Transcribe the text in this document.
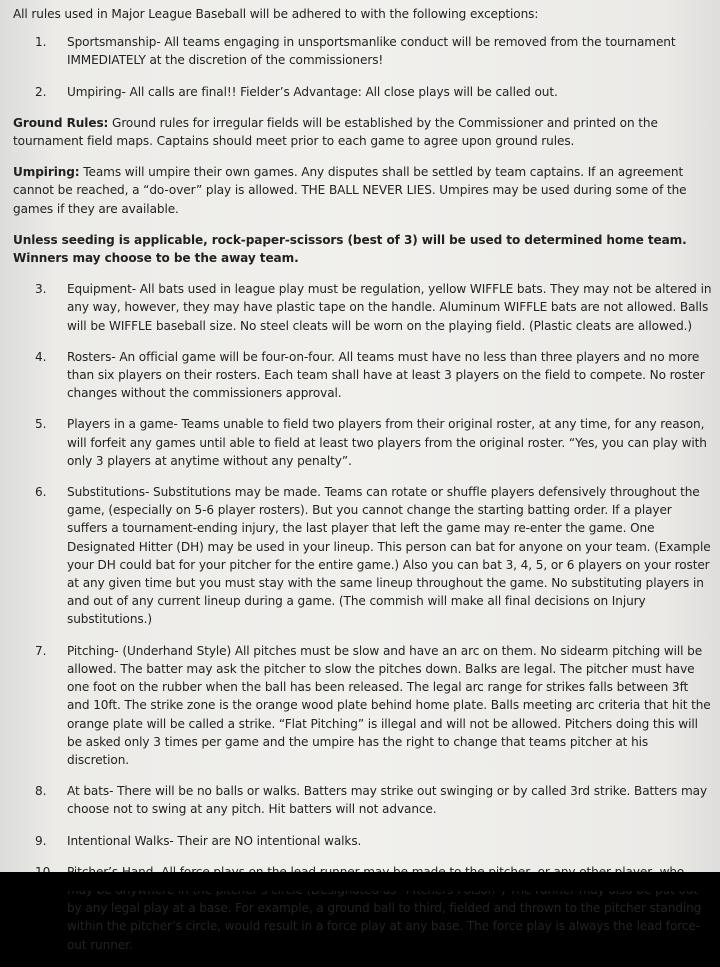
All rules used in Major League Baseball will be adhered to with the following exceptions:
1. Sportsmanship- All teams engaging in unsportsmanlike conduct will be removed from the tournament IMMEDIATELY at the discretion of the commissioners!
2. Umpiring- All calls are final!! Fielder’s Advantage: All close plays will be called out.
Ground Rules: Ground rules for irregular fields will be established by the Commissioner and printed on the tournament field maps. Captains should meet prior to each game to agree upon ground rules.
Umpiring: Teams will umpire their own games. Any disputes shall be settled by team captains. If an agreement cannot be reached, a “do-over” play is allowed. THE BALL NEVER LIES. Umpires may be used during some of the games if they are available.
Unless seeding is applicable, rock-paper-scissors (best of 3) will be used to determined home team. Winners may choose to be the away team.
3. Equipment- All bats used in league play must be regulation, yellow WIFFLE bats. They may not be altered in any way, however, they may have plastic tape on the handle. Aluminum WIFFLE bats are not allowed. Balls will be WIFFLE baseball size. No steel cleats will be worn on the playing field. (Plastic cleats are allowed.)
4. Rosters- An official game will be four-on-four. All teams must have no less than three players and no more than six players on their rosters. Each team shall have at least 3 players on the field to compete. No roster changes without the commissioners approval.
5. Players in a game- Teams unable to field two players from their original roster, at any time, for any reason, will forfeit any games until able to field at least two players from the original roster. “Yes, you can play with only 3 players at anytime without any penalty”.
6. Substitutions- Substitutions may be made. Teams can rotate or shuffle players defensively throughout the game, (especially on 5-6 player rosters). But you cannot change the starting batting order. If a player suffers a tournament-ending injury, the last player that left the game may re-enter the game. One Designated Hitter (DH) may be used in your lineup. This person can bat for anyone on your team. (Example your DH could bat for your pitcher for the entire game.) Also you can bat 3, 4, 5, or 6 players on your roster at any given time but you must stay with the same lineup throughout the game. No substituting players in and out of any current lineup during a game. (The commish will make all final decisions on Injury substitutions.)
7. Pitching- (Underhand Style) All pitches must be slow and have an arc on them. No sidearm pitching will be allowed. The batter may ask the pitcher to slow the pitches down. Balks are legal. The pitcher must have one foot on the rubber when the ball has been released. The legal arc range for strikes falls between 3ft and 10ft. The strike zone is the orange wood plate behind home plate. Balls meeting arc criteria that hit the orange plate will be called a strike. “Flat Pitching” is illegal and will not be allowed. Pitchers doing this will be asked only 3 times per game and the umpire has the right to change that teams pitcher at his discretion.
8. At bats- There will be no balls or walks. Batters may strike out swinging or by called 3rd strike. Batters may choose not to swing at any pitch. Hit batters will not advance.
9. Intentional Walks- Their are NO intentional walks.
by any legal play at a base. For example, a ground ball to third, fielded and thrown to the pitcher standing within the pitcher’s circle, would result in a force play at any base. The force play is always the lead force-out runner.
